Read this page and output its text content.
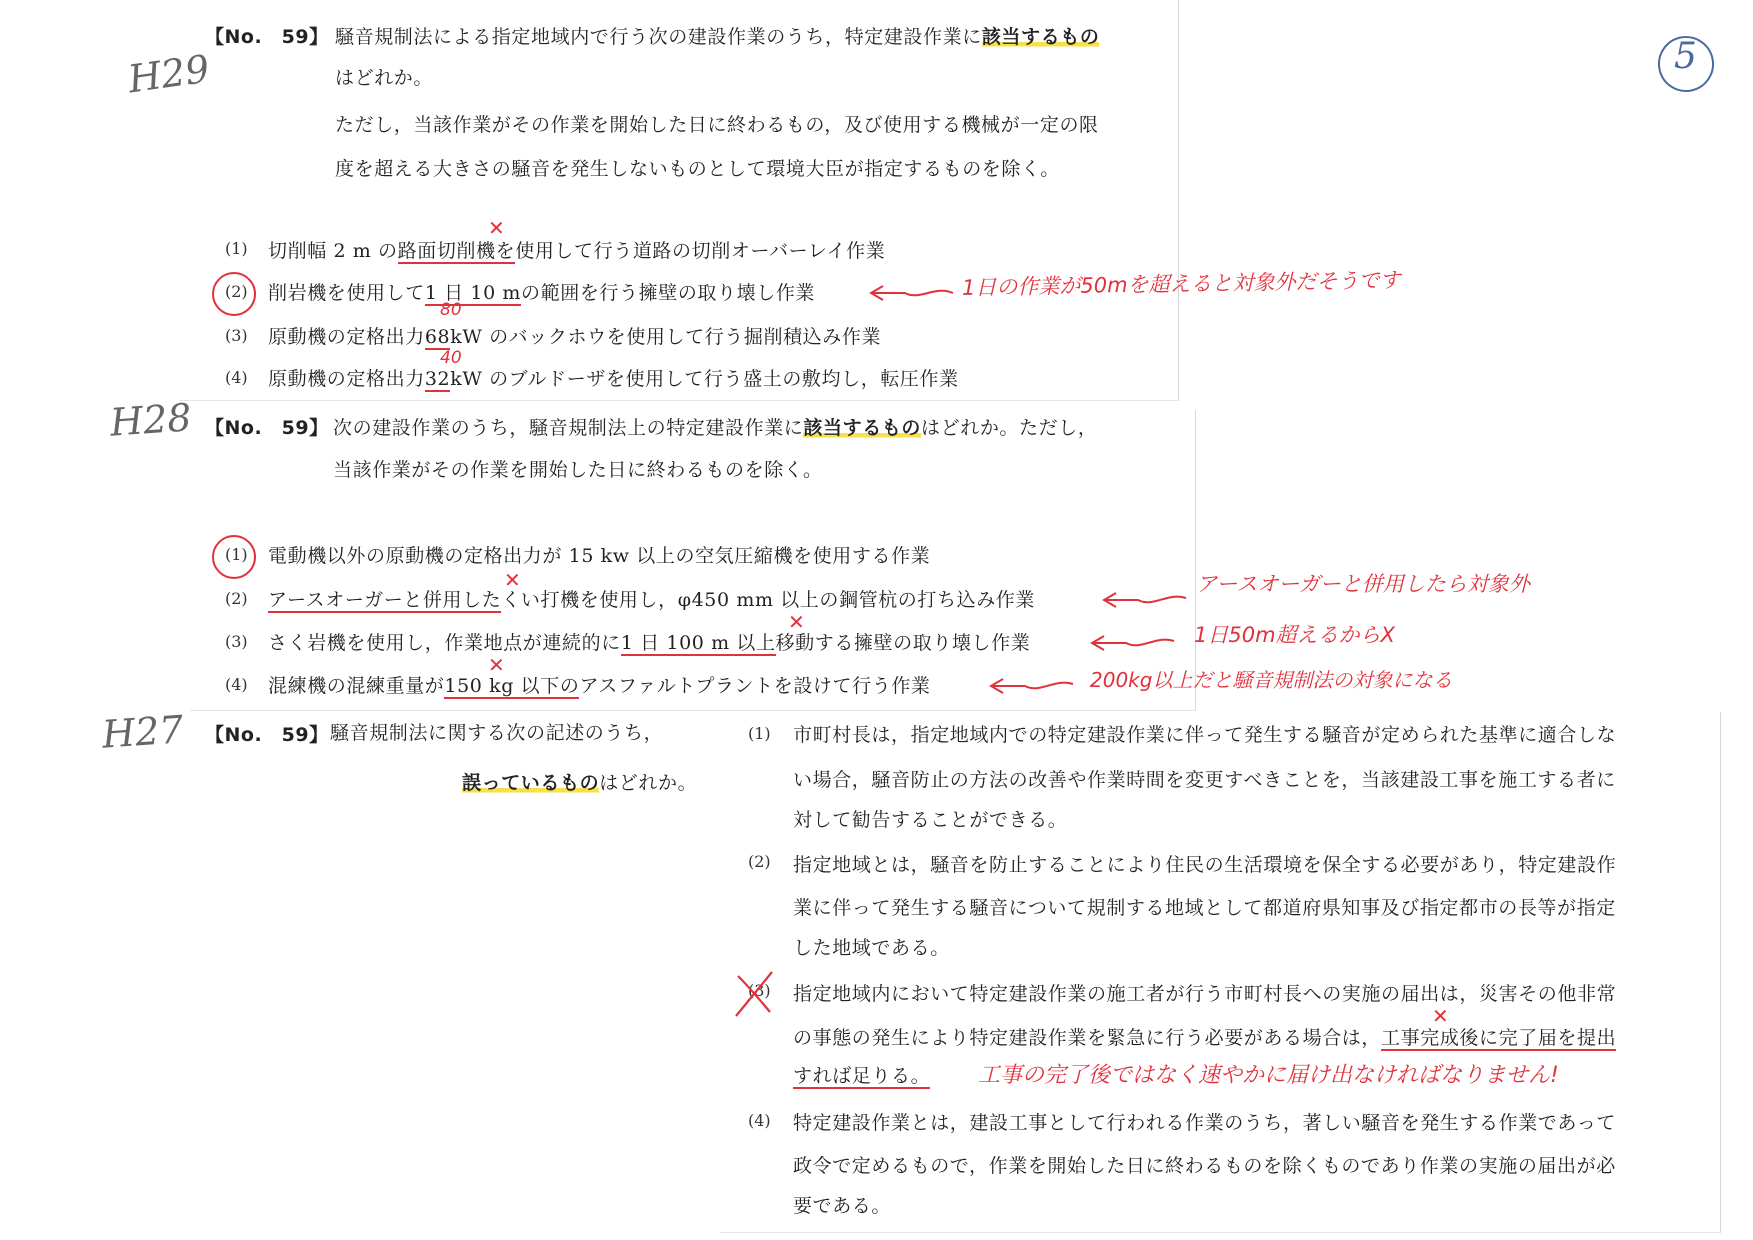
H29
【No.　59】 騒音規制法による指定地域内で行う次の建設作業のうち，特定建設作業に該当するもの
はどれか。
ただし，当該作業がその作業を開始した日に終わるもの，及び使用する機械が一定の限
度を超える大きさの騒音を発生しないものとして環境大臣が指定するものを除く。
5
(1) 切削幅 2 m の路面切削機を使用して行う道路の切削オーバーレイ作業
✕
(2) 削岩機を使用して1 日 10 mの範囲を行う擁壁の取り壊し作業	1日の作業が50mを超えると対象外だそうです
80
(3) 原動機の定格出力68kW のバックホウを使用して行う掘削積込み作業
40
(4) 原動機の定格出力32kW のブルドーザを使用して行う盛土の敷均し，転圧作業
H28 【No.　59】 次の建設作業のうち，騒音規制法上の特定建設作業に該当するものはどれか。ただし，
当該作業がその作業を開始した日に終わるものを除く。
(1) 電動機以外の原動機の定格出力が 15 kw 以上の空気圧縮機を使用する作業
(2) アースオーガーと併用したくい打機を使用し，φ450 mm 以上の鋼管杭の打ち込み作業
✕	アースオーガーと併用したら対象外
(3) さく岩機を使用し，作業地点が連続的に1 日 100 m 以上移動する擁壁の取り壊し作業
✕
1日50m超えるからX
(4) 混練機の混練重量が150 kg 以下のアスファルトプラントを設けて行う作業
✕
200kg以上だと騒音規制法の対象になる
H27 【No.　59】 騒音規制法に関する次の記述のうち，
誤っているものはどれか。
(1) 市町村長は，指定地域内での特定建設作業に伴って発生する騒音が定められた基準に適合しな
い場合，騒音防止の方法の改善や作業時間を変更すべきことを，当該建設工事を施工する者に
対して勧告することができる。
(2) 指定地域とは，騒音を防止することにより住民の生活環境を保全する必要があり，特定建設作
業に伴って発生する騒音について規制する地域として都道府県知事及び指定都市の長等が指定
した地域である。
(3) 指定地域内において特定建設作業の施工者が行う市町村長への実施の届出は，災害その他非常
の事態の発生により特定建設作業を緊急に行う必要がある場合は，工事完成後に完了届を提出
✕
すれば足りる。 工事の完了後ではなく速やかに届け出なければなりません!
(4) 特定建設作業とは，建設工事として行われる作業のうち，著しい騒音を発生する作業であって
政令で定めるもので，作業を開始した日に終わるものを除くものであり作業の実施の届出が必
要である。
